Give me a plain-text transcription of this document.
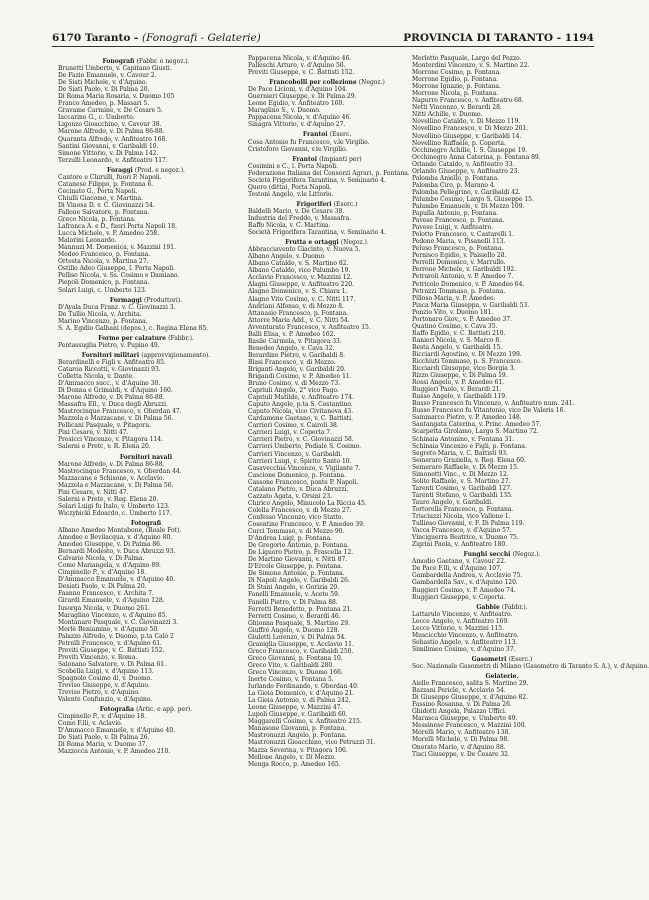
6170 Taranto - (Fonografi - Gelaterie)	PROVINCIA DI TARANTO - 1194
Fonografi (Fabbr. e negoz.).
Brunetti Umberto, v. Capitano Giusti.
De Fazio Emanuele, v. Cavour 2.
De Siati Michele, v. d'Aquino.
De Siati Paolo, v. Di Palma 20.
Di Roma Maria Rosaria, v. Duomo 105
Franco Amedeo, p. Massari 5.
Gravame Carmine, v. De Cesare 5.
Iaccarino G., c. Umberto.
Ligonzo Gioacchino, v. Cavour 38.
Marone Alfredo, v. Di Palma 86-88.
Quaranta Alfredo, v. Anfiteatro 168.
Santini Giovanni, v. Garibaldi 10.
Simone Vittorio, v. Di Palma 142.
Terzulli Leonardo, v. Anfiteatro 117.
Foraggi (Prod. e negoz.).
Cantore e Chirulli, fuori P. Napoli.
Catanese Filippo, p. Fontana 6.
Cecinato G., Porta Napoli.
Chiulli Giacomo, v. Martina.
Di Vinosa D. v. C. Giovinazzi 54.
Fallone Salvatore, p. Fontana.
Greco Nicola, p. Fontana.
Lafranca A. e D., fuori Porta Napoli 18.
Lucca Michele, v. P. Amedeo 258.
Malorini Leonardo.
Mannuzi M. Domenica, v. Mazzini 191.
Modeo Francesco, p. Fontana.
Ortesta Nicola, v. Martina 27.
Ostillo Adeo Giuseppe, l. Porta Napoli.
Pelliso Nicola, v. Ss. Cosimo e Damiano.
Piepoli Domenico, p. Fontana.
Solari Luigi, c. Umberto 123.
Formaggi (Produttori).
D'Ayala Duca Franz. v. C. Giovinazzi 3.
De Tullio Nicola, v. Archita.
Marino Vincenzo, p. Fontana.
S. A. Egidio Galbani (depos.), c. Regina Elena 85.
Forme per calzature (Fabbr.).
Pentassuglia Pietro, v. Pupino 49.
Fornitori militari (approvvigionamento).
Berardinelli e Figli v. Anfiteatro 85.
Cataroa Riccotti, v. Giovinazzi 93.
Colletta Nicola, v. Dante.
D'Ammacco succ., v. d'Aquino 30.
Di Donna e Grimaldi, v. d'Aquino 160.
Marone Alfredo, v. Di Palma 86-88.
Massafra Ell., v. Duca degli Abruzzi.
Mastrocinque Francesco, v. Oberdan 47.
Mazzola e Mazzacane, v. Di Palma 56.
Pellicani Pasquale, v. Pitagora.
Pini Cesare, v. Nitti 47.
Presicci Vincenzo, v. Pitagora 114.
Salerni e Pretc, v. R. Elena 20.
Fornitori navali
Marone Alfredo, v. Di Palma 86-88.
Mastrocinque Francesco, v. Oberdan 44.
Mazzacane e Schisone, v. Acclavio.
Mazzola e Mazzacane, v. Di Palma 56.
Pini Cesare, v. Nitti 47.
Salerni e Prete, v. Reg. Elena 20.
Solari Luigi fu Italo, v. Umberto 123.
Wiczybicki Edoardo, c. Umberto 117.
Fotografi
Albano Amedeo Montabone, (Reale Fot).
Amodeo e Bevilacqua, v. d'Aquino 80.
Amodeo Giuseppe, v. Di Palma 86.
Bernardi Modesto, v. Duca Abruzzi 93.
Calvario Nicola, v. Di Palma.
Como Mariangela, v. d'Aquino 89.
Cimpinello P., v. d'Aquino 18.
D'Ammacco Emanuele, v. d'Aquino 40.
Desiati Paolo, v. Di Palma 20.
Faanno Francesco, v. Archita 7.
Girardi Emanuele, v. d'Aquino 128.
Iusorga Nicola, v. Duomo 261.
Maraglino Vincenzo, v. d'Aquino 85.
Montanaro Pasquale, v. C. Giovinazzi 3.
Morlè Beniamino, v. d'Aquino 50.
Palazzo Alfredo, v. Duomo, p.ta Calò 2
Petrelli Francesco, v. d'Aquino 61.
Previti Giuseppe, v. C. Battisti 152.
Previti Vincenzo, v. Roma.
Salonano Salvatore, v. Di Palma 61.
Scobella Luigi, v. d'Aquino 113.
Spagnolo Cosimo di, v. Duomo.
Treviso Giuseppe, v. d'Aquino.
Treviso Pietro, v. d'Aquino.
Valente Confunzio, v. d'Aquino.
Fotografia (Artic. e app. per).
Cimpinello P., v. d'Aquino 18.
Como F.lli, v. Aclavio.
D'Ammacco Emanuele, v. d'Aquino 40.
De Siati Paolo, v. Di Palma 26.
Di Roma Maria, v. Duomo 37.
Mazzocca Antonio, v. P. Amedeo 210.
Pappacena Nicola, v. d'Aquino 46.
Palleschi Arturo, v. d'Aquino 50.
Previti Giuseppe, v. C. Battisti 152.
Francobolli per collezione (Negoz.)
De Pace Licioni, v. d'Aquino 104.
Guernieri Giuseppe, v. Di Palma 29.
Leone Egidio, v. Anfiteatro 160.
Maraglino S., v. Duomo.
Pappacena Nicola, v. d'Aquino 46.
Sinagra Vittorio, v. d'Aquino 27.
Frantoi (Eserc.
Cosa Antonio fu Francesco, v.le Virgilio.
Cristoforo Giovanni, v.le Virgilio.
Frantoi (Impianti per)
Cosimini e C., l. Porta Napoli.
Federazione Italiana dei Consorzi Agrari, p. Fontana.
Società Frigorifera Tarantina, v. Seminario 4.
Quero (ditta), Porta Napoli.
Testoni Angelo, v.le Littorio.
Frigoriferi (Eserc.)
Baldelli Mario, v. De Cesare 38.
Industria del Freddo, v. Massafra.
Raffo Nicola, v. C. Martina.
Società Frigorifera Tarantina, v. Seminario 4.
Frutta e ortaggi (Negoz.).
Abbracciavento Giacinto, v. Nuova 5.
Albano Angelo, v. Duomo.
Albano Cataldo, v. S. Martino 82.
Albano Cataldo, vico Palumbo 19.
Acclavio Francesco, v. Mazzini 12.
Alagni Giuseppe, v. Anfiteatro 220.
Alagno Domenico, v. S. Chiara 1.
Alagno Vito Cosimo, v. C. Nitti 117.
Andriani Alfonso, v. di Mezzo 8.
Attanasio Francesco, p. Fontana.
Attorre Maria Add., v. C. Nitti 54.
Avventurato Francesco, v. Anfiteatro 15.
Balli Elisa, v. P. Amedeo 162.
Basile Carmela, v. Pitagora 33.
Benedeo Angelo, v. Cava 32.
Berardino Pietro, v. Garibaldi 8.
Blasi Francesco, v. di Mezzo.
Briganti Angelo, v. Garibaldi 20.
Brigandi Cosimo, v. P. Amedeo 11.
Bruno Cosimo, v. di Mezzo 73.
Capriuli Angelo, 2° vico Fago.
Capriuli Matilde, v. Anfiteatro 174.
Caputo Angelo, p.ta S. Costantino.
Caputo Nicola, vico Civitanova 43.
Cardamone Gaetano, v. C. Battisti.
Carrieri Cosimo, v. Cairoli 38.
Carrieri Luigi, v. Coperta 7.
Carrieri Pietro, v. C. Giovinazzi 58.
Carrieri Umberto, Podiale S. Cosimo.
Carrieri Vincenzo, v. Garibaldi.
Carrieri Luigi, v. Spirito Santo 10.
Casavecchia Vincenzo, v. Vigilante 7.
Cascione Domenico, p. Fontana.
Cassone Francesco, ponte P. Napoli.
Catalano Pietro, v. Duca Abruzzi.
Cazzato Agata, v. Orsini 23.
Chirico Angelo, Minucolo La Riccia 45.
Colella Francesco, v. di Mezzo 27.
Confesso Vincenzo, vico Statte.
Cosentino Francesco, v. P. Amedeo 39.
Curci Tommaso, v. di Mezzo 90.
D'Andrea Luigi, p. Fontana.
De Gregorio Antonio, p. Fontana.
De Liguoro Pietro, p. Frascella 12.
De Martino Giovanni, v. Nitti 87.
D'Ercole Giuseppe, p. Fontana.
De Simone Antonio, p. Fontana.
Di Napoli Angelo, v. Garibaldi 26.
Di Stani Angelo, v. Gorizia 20.
Fanelli Emanuele, v. Aceto 59.
Fanelli Pietro, v. Di Palma 88.
Ferretti Benedetto, p. Fontana 21.
Ferretti Cosimo, v. Berardi 46.
Ghionna Pasquale, S. Martino 29.
Giuffrè Angelo, v. Duomo 128.
Giuletti Lorenzo, v. Di Palma 54.
Graniglia Giuseppe, v. Acclavio 11.
Greco Francesco, v. Garibaldi 250.
Greco Giovanni, p. Fontana 10.
Greco Vito, v. Garibaldi 280.
Greco Vincenzo, v. Duomo 166.
Inerte Cosimo, v. Fontana 5.
Iurlando Ferdinando, v. Oberdan 40.
La Gioia Domenico, v. d'Aquino 21.
La Gioia Antonio, v. di Palma 242.
Leone Giuseppe, v. Mazzini 47.
Lupoli Giuseppe, v. Garibaldi 60.
Maggarelli Cosimo, v. Anfiteatro 215.
Manasone Giovanni, p. Fontana.
Mastronuzzi Angelo, p. Fontana.
Mastronuzzi Gioacchino, vico Petruzzi 31.
Mazza Severina, v. Pitagora 106.
Mellone Angelo, v. Di Mezzo.
Menga Rocco, p. Amedeo 165.
Merletto Pasquale, Largo del Pozzo.
Monterdini Vincenzo, v. S. Martino 22.
Morrone Cosimo, p. Fontana.
Morrone Egidio, p. Fontana.
Morrone Ignazio, p. Fontana.
Morrone Nicola, p. Fontana.
Napurro Francesco, v. Anfiteatro 68.
Netti Vincenzo, v. Berardi 28.
Nitti Achille, v. Duomo.
Novellino Cataldo, v. Di Mezzo 119.
Novellino Francesco, v. Di Mezzo 201.
Novellino Giuseppe, v. Garibaldi 14.
Novellino Raffaele, p. Coperta.
Occhinegro Achille, l. S. Giuseppe 19.
Occhinegro Anna Caterina, p. Fontana 89.
Orlando Cataldo, v. Anfiteatro 33.
Orlando Giuseppe, v. Anfiteatro 23.
Palomba Aniello, p. Fontana.
Palomba Ciro, p. Marano 4.
Palomba Pellegrino, v. Garibaldi 42.
Palumbo Cosimo, Largo S. Giuseppe 15.
Palumbo Emanuele, v. Di Mezzo 109.
Papulla Antonio, p. Fontana.
Pavese Francesco, p. Fontana.
Pavese Luigi, v. Anfiteatro.
Pelotto Francesco, v. Castarelli 1.
Pedone Maria, v. Pisanelli 113.
Peluso Francesco, p. Fontana.
Pernisco Egidio, v. Paisiello 28.
Perrelli Domenico, v. Marrullo.
Perrone Michele, v. Garibaldi 192.
Petraroli Antonio, v. P. Amedeo 7.
Petricolo Domenico, v. P. Amedeo 64.
Petrazzi Tommaso, p. Fontana.
Pilloso Maria, v. P. Amedeo.
Pinca Maria Giuseppa, v. Garibaldi 53.
Ponzio Vito, v. Duomo 181.
Portonaro Giov., v. P. Amedeo 37.
Quatino Cosimo, v. Cava 35.
Raffo Egidio, v. C. Battisti 210.
Ranieri Nicola, v. S. Marco 8.
Resta Angelo, v. Garibaldi 15.
Ricciardi Agostino, v. Di Mezzo 199.
Ricchiuti Tommaso, p. S. Francesco.
Ricciardi Giuseppe, vico Borgia 3.
Rizzo Giuseppe, v. Di Palma 19.
Rossi Angelo, v. P. Amedeo 61.
Ruggieri Paolo, v. Berardi 21.
Russo Angelo, v. Garibaldi 119.
Russo Francesco fu Vincenzo, v. Anfiteatro num. 241.
Russo Francesco fu Vitantonio, vico De Valeris 16.
Sammarco Pietro, v. P. Amedeo 148.
Santangata Caterina, v. Princ. Amedeo 57.
Scarpetta Girolamo, Largo S. Martino 72.
Schinaia Antonino, v. Fontana 31.
Schinaia Vincenzo e Figli, p. Fontana.
Segreto Maria, v. C. Battisti 93.
Semeraro Graziella, v. Reg. Elena 60.
Semeraro Raffaele, v. Di Mezzo 15.
Simonetti Vinc., v. Di Mezzo 12.
Solito Raffaele, v. S. Martino 27.
Tarenti Cosimo, v. Garibaldi 127.
Tarenti Stefano, v. Garibaldi 135.
Tauro Angelo, v. Garibaldi.
Tortorella Francesco, p. Fontana.
Trisciuzzi Nicola, vico Vallone 1.
Tullieso Giovanni, v. F. Di Palma 119.
Vacca Francesco, v. d'Aquino 57.
Vinciguerra Beatrice, v. Duomo 75.
Zigrini Paola, v. Anfiteatro 180.
Funghi secchi (Negoz.).
Amodio Gaetano, v. Cavour 22.
De Pace F.lli, v. d'Aquino 107.
Gambardella Andrea, v. Acclavio 75.
Gambardella Sav., v. d'Aquino 120.
Ruggieri Cosimo, v. P. Amedeo 74.
Ruggieri Giuseppe, v. Coperta.
Gabbie (Fabbr.).
Lattarulo Vincenzo, v. Anfiteatro.
Lecce Angelo, v. Anfiteatro 169.
Lecce Vittorio, v. Mazzini 115.
Muscicchio Vincenzo, v. Anfiteatro.
Sebastio Angelo, v. Anfiteatro 113.
Similimeo Cosimo, v. d'Aquino 37.
Gasometri (Eserc.)
Soc. Nazionale Gasometri di Milano (Gasometro di Taranto S. A.), v. d'Aquino.
Gelaterie.
Aiello Francesco, salita S. Martino 29.
Bazzani Pericle, v. Acclavio 54.
Di Giuseppe Giuseppe, v. d'Aquino 82.
Fassino Rosanna, v. Di Palma 26.
Ghidotti Angela, Palazzo Uffici.
Marasca Giuseppe, v. Umberto 49.
Messinese Francesco, v. Mazzini 100.
Morelli Mario, v. Anfiteatro 138.
Morelli Michele, v. Di Palma 98.
Onorato Mario, v. d'Aquino 88.
Tisci Giuseppe, v. De Cesare 32.
